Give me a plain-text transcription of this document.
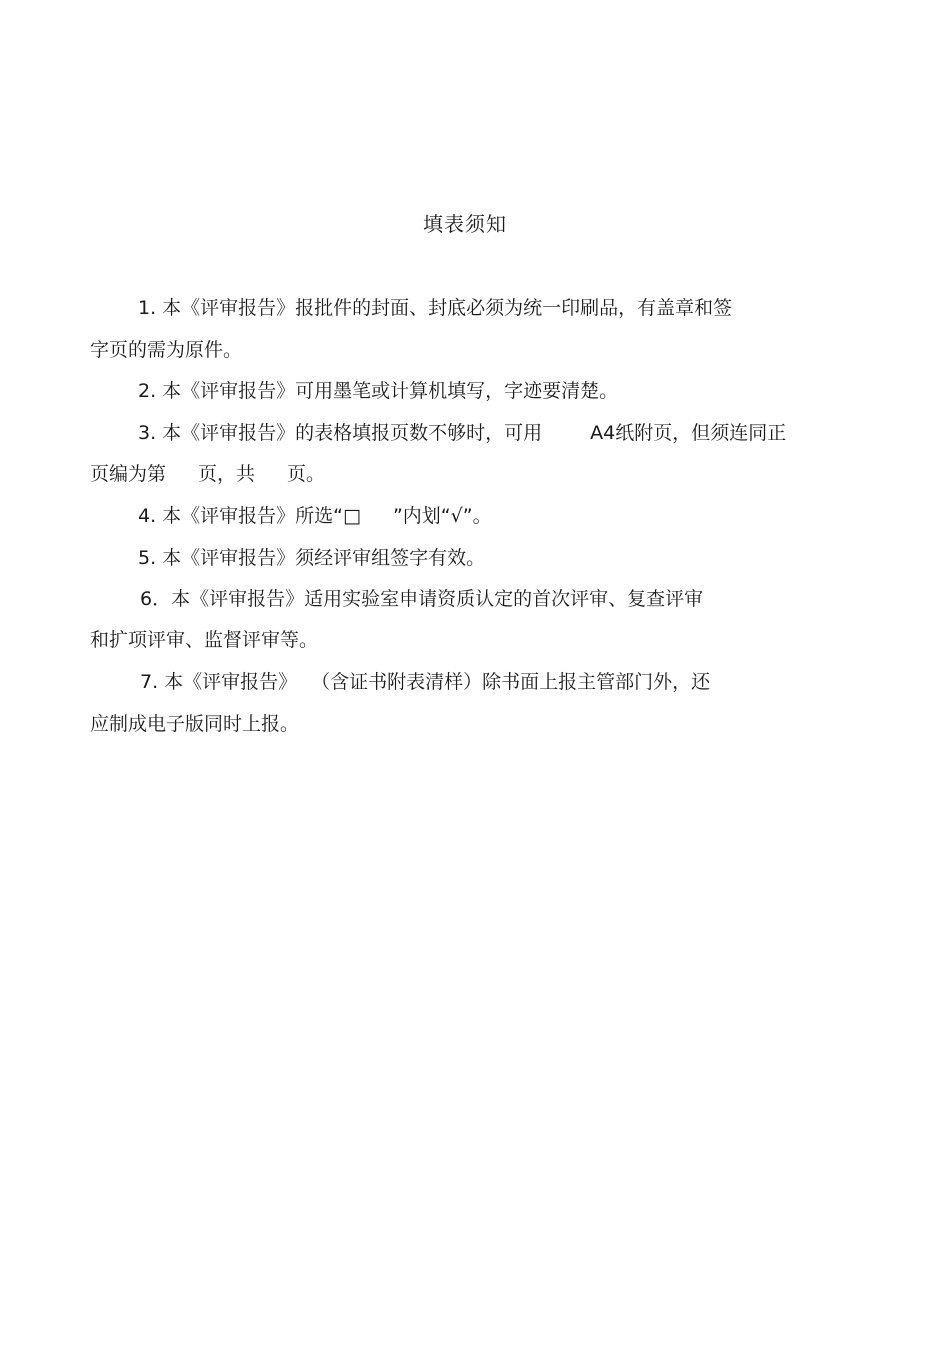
填表须知
1. 本《评审报告》报批件的封面、封底必须为统一印刷品，有盖章和签
字页的需为原件。
2. 本《评审报告》可用墨笔或计算机填写，字迹要清楚。
3. 本《评审报告》的表格填报页数不够时，可用	A4纸附页，但须连同正
页编为第 页，共 页。
4. 本《评审报告》所选“□ ”内划“√”。
5. 本《评审报告》须经评审组签字有效。
6．本《评审报告》适用实验室申请资质认定的首次评审、复查评审
和扩项评审、监督评审等。
7. 本《评审报告》 （含证书附表清样）除书面上报主管部门外，还
应制成电子版同时上报。
